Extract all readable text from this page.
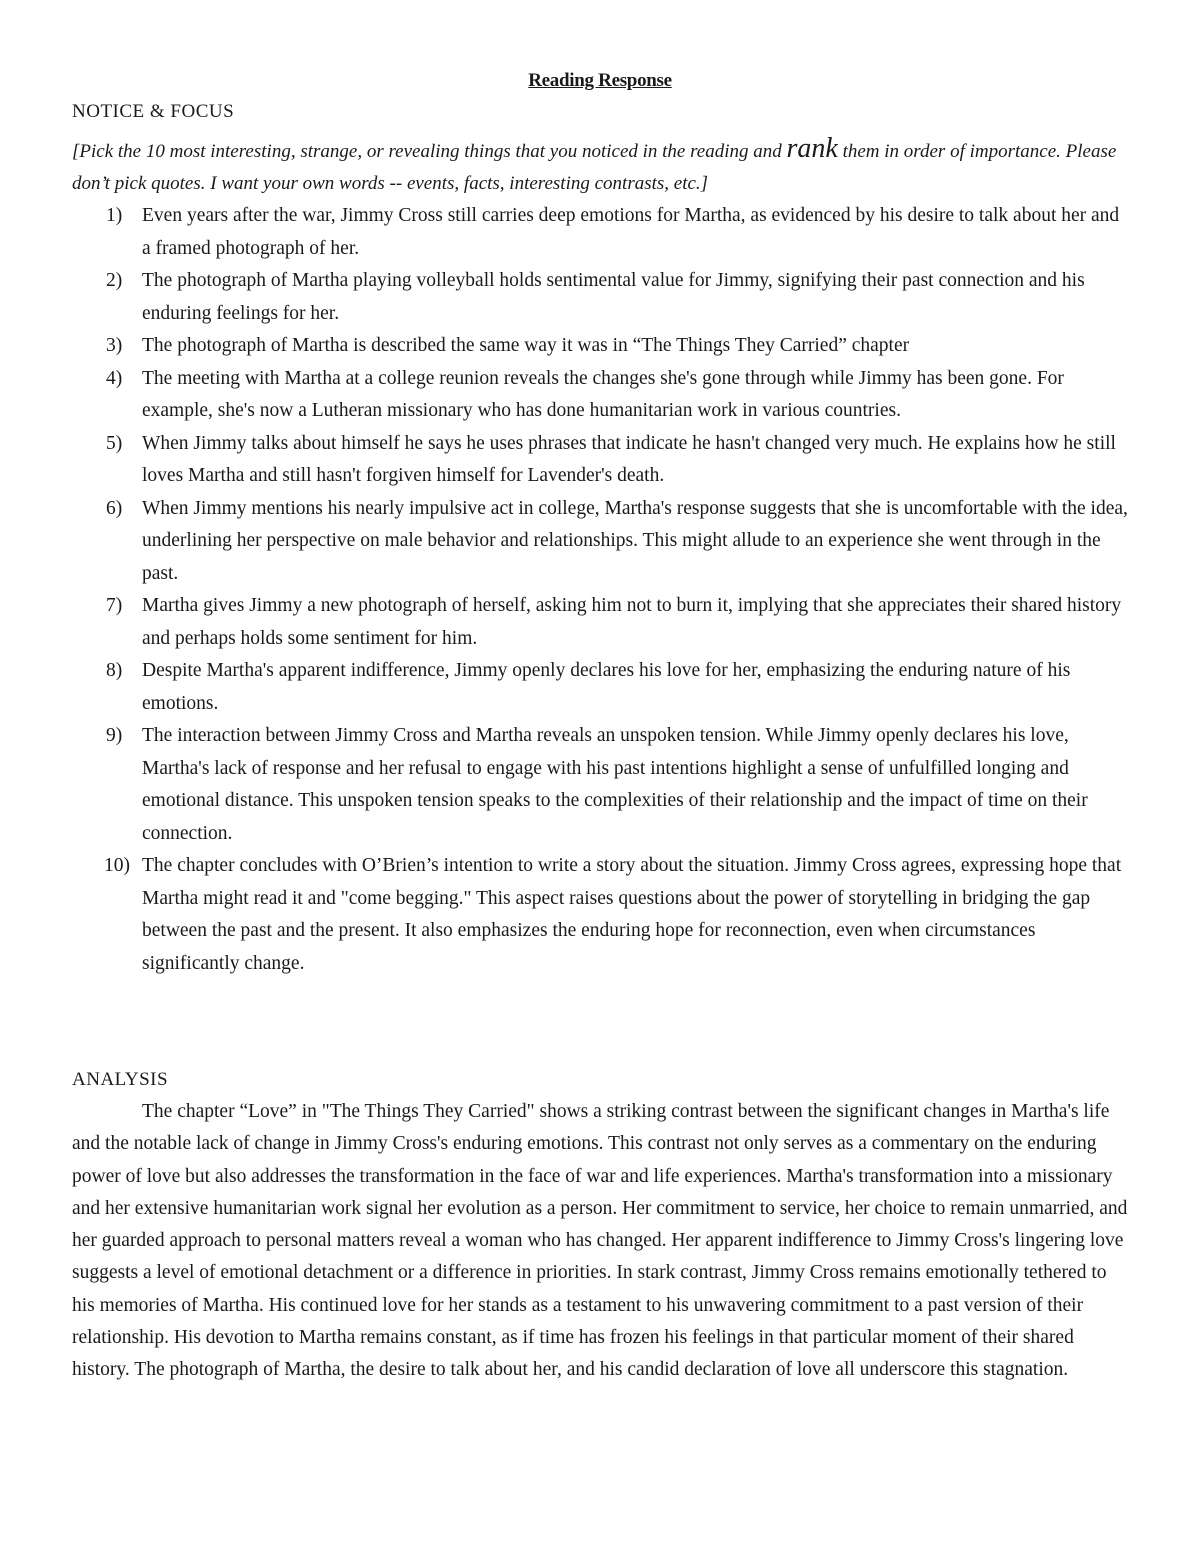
Reading Response
NOTICE & FOCUS
[Pick the 10 most interesting, strange, or revealing things that you noticed in the reading and rank them in order of importance. Please don’t pick quotes. I want your own words -- events, facts, interesting contrasts, etc.]
1) Even years after the war, Jimmy Cross still carries deep emotions for Martha, as evidenced by his desire to talk about her and a framed photograph of her.
2) The photograph of Martha playing volleyball holds sentimental value for Jimmy, signifying their past connection and his enduring feelings for her.
3) The photograph of Martha is described the same way it was in “The Things They Carried” chapter
4) The meeting with Martha at a college reunion reveals the changes she's gone through while Jimmy has been gone. For example, she's now a Lutheran missionary who has done humanitarian work in various countries.
5) When Jimmy talks about himself he says he uses phrases that indicate he hasn't changed very much. He explains how he still loves Martha and still hasn't forgiven himself for Lavender's death.
6) When Jimmy mentions his nearly impulsive act in college, Martha's response suggests that she is uncomfortable with the idea, underlining her perspective on male behavior and relationships. This might allude to an experience she went through in the past.
7) Martha gives Jimmy a new photograph of herself, asking him not to burn it, implying that she appreciates their shared history and perhaps holds some sentiment for him.
8) Despite Martha's apparent indifference, Jimmy openly declares his love for her, emphasizing the enduring nature of his emotions.
9) The interaction between Jimmy Cross and Martha reveals an unspoken tension. While Jimmy openly declares his love, Martha's lack of response and her refusal to engage with his past intentions highlight a sense of unfulfilled longing and emotional distance. This unspoken tension speaks to the complexities of their relationship and the impact of time on their connection.
10) The chapter concludes with O’Brien’s intention to write a story about the situation. Jimmy Cross agrees, expressing hope that Martha might read it and "come begging." This aspect raises questions about the power of storytelling in bridging the gap between the past and the present. It also emphasizes the enduring hope for reconnection, even when circumstances significantly change.
ANALYSIS

The chapter “Love” in "The Things They Carried" shows a striking contrast between the significant changes in Martha's life and the notable lack of change in Jimmy Cross's enduring emotions. This contrast not only serves as a commentary on the enduring power of love but also addresses the transformation in the face of war and life experiences. Martha's transformation into a missionary and her extensive humanitarian work signal her evolution as a person. Her commitment to service, her choice to remain unmarried, and her guarded approach to personal matters reveal a woman who has changed. Her apparent indifference to Jimmy Cross's lingering love suggests a level of emotional detachment or a difference in priorities. In stark contrast, Jimmy Cross remains emotionally tethered to his memories of Martha. His continued love for her stands as a testament to his unwavering commitment to a past version of their relationship. His devotion to Martha remains constant, as if time has frozen his feelings in that particular moment of their shared history. The photograph of Martha, the desire to talk about her, and his candid declaration of love all underscore this stagnation.
